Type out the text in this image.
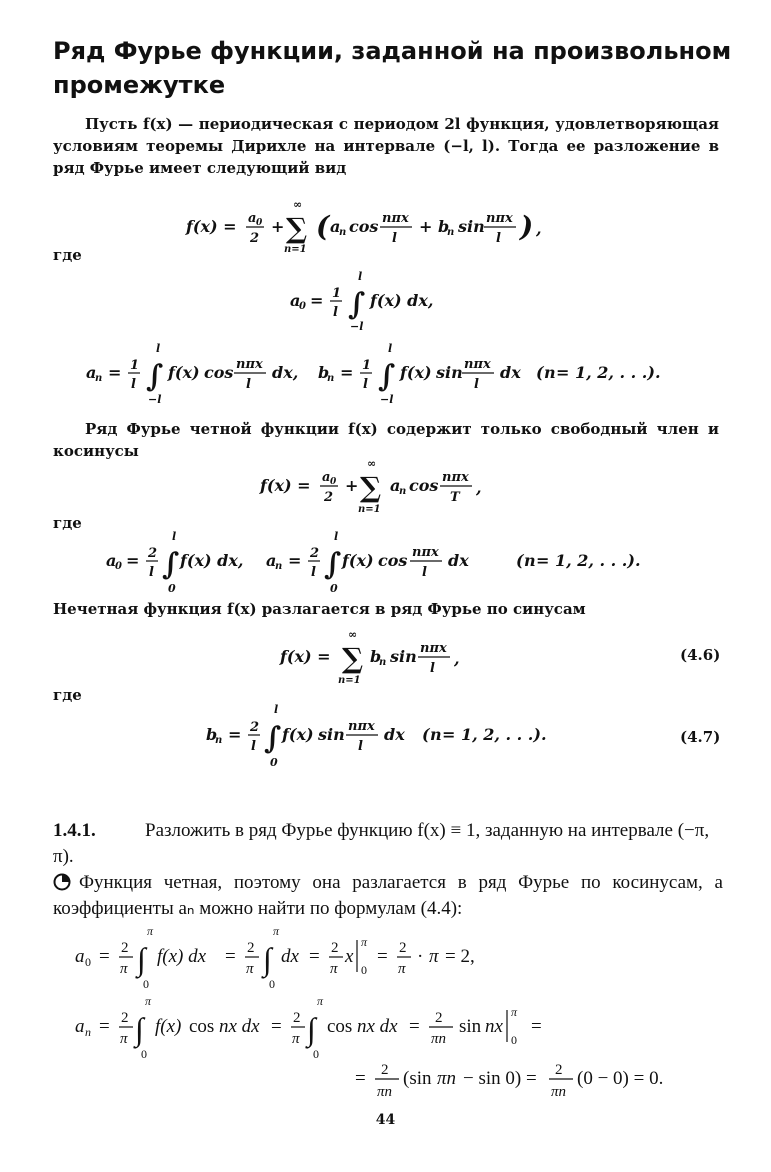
Ряд Фурье функции, заданной на произвольном промежутке

Пусть f(x) — периодическая с периодом 2l функция, удовлетворяющая условиям теоремы Дирихле на интервале (−l, l). Тогда ее разложение в ряд Фурье имеет следующий вид

f(x) = a 0
2
+
∞
∑
n=1
( a
n cos nπx
l
+ b
n sin nπx
l ) ,

где

a
0 = 1
l ∫
l
−l
f(x) dx,
a
n = 1
l ∫
l
−l
f(x) cos nπx
l
dx, b
n = 1
l ∫
l
−l
f(x) sin nπx
l
dx ( n = 1, 2, . . .).

Ряд Фурье четной функции f(x) содержит только свободный член и косинусы

f(x) = a 0
2
+
∞
∑
n=1
a
n cos nπx
T
,

где

a
0 = 2
l ∫
l
0
f(x) dx, a
n = 2
l ∫
l
0
f(x) cos nπx
l
dx	( n = 1, 2, . . .).

Нечетная функция f(x) разлагается в ряд Фурье по синусам

f(x) =
∞
∑
n=1
b
n sin nπx
l
,	(4.6)

где

b
n = 2
l ∫
l
0
f(x) sin nπx
l
dx ( n = 1, 2, . . .).	(4.7)
1.4.1.	Разложить в ряд Фурье функцию f(x) ≡ 1, заданную на интервале (−π, π).
Функция четная, поэтому она разлагается в ряд Фурье по косинусам, а коэффициенты aₙ можно найти по формулам (4.4):
a 0 = 2
π ∫
π
0
f(x) dx = 2
π ∫
π
0
dx = 2
π
x
π
0
= 2
π
· π = 2,
a n = 2
π ∫
π
0
f(x) cos nx dx = 2
π ∫
π
0
cos nx dx = 2
πn
sin nx
π
0
=
= 2
πn
(sin πn − sin 0) = 2
πn
(0 − 0) = 0.
44
